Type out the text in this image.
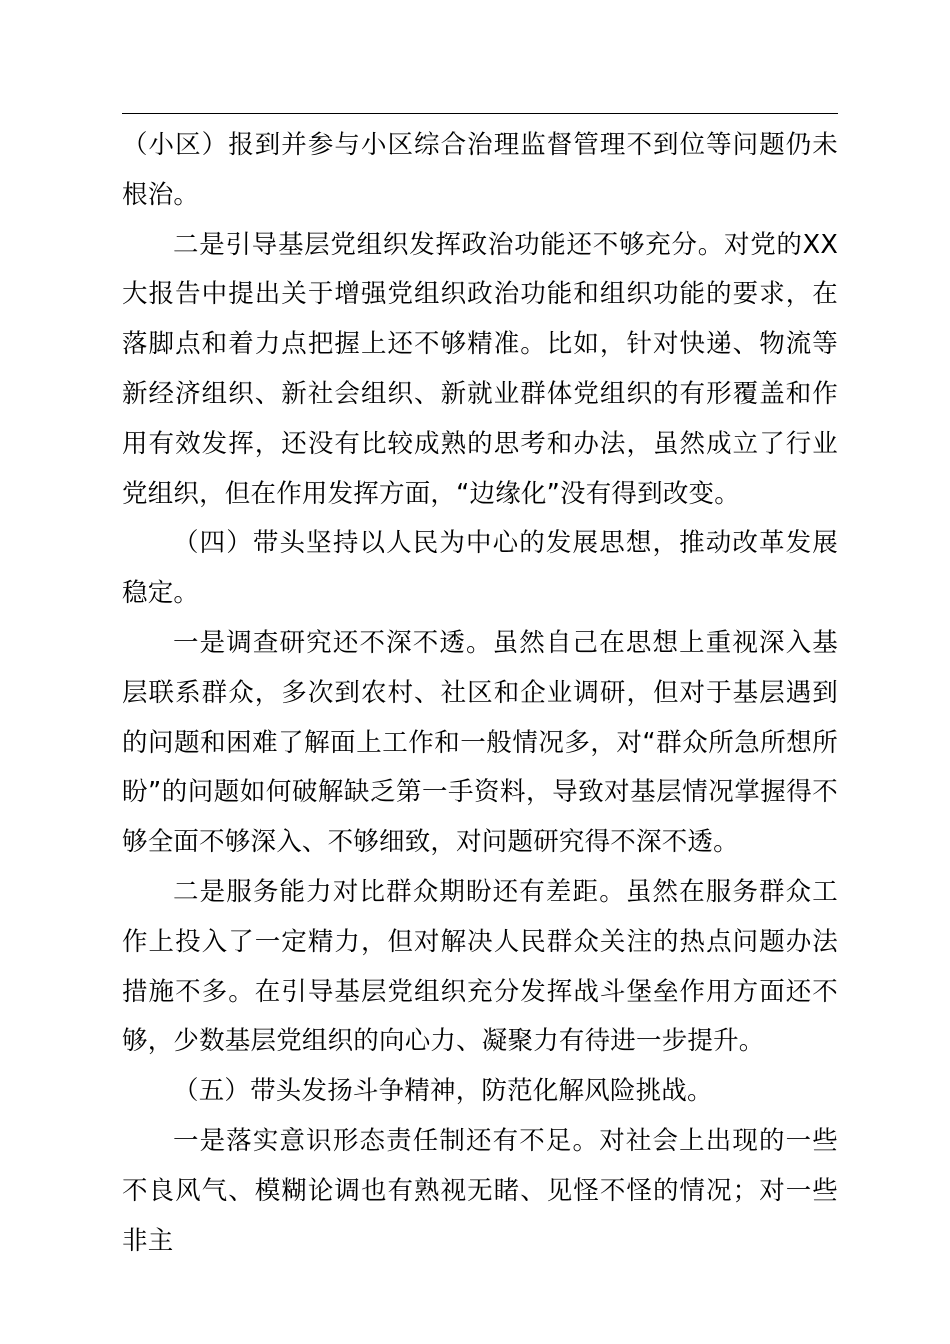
（小区）报到并参与小区综合治理监督管理不到位等问题仍未根治。

二是引导基层党组织发挥政治功能还不够充分。对党的XX大报告中提出关于增强党组织政治功能和组织功能的要求，在落脚点和着力点把握上还不够精准。比如，针对快递、物流等新经济组织、新社会组织、新就业群体党组织的有形覆盖和作用有效发挥，还没有比较成熟的思考和办法，虽然成立了行业党组织，但在作用发挥方面，“边缘化”没有得到改变。

（四）带头坚持以人民为中心的发展思想，推动改革发展稳定。

一是调查研究还不深不透。虽然自己在思想上重视深入基层联系群众，多次到农村、社区和企业调研，但对于基层遇到的问题和困难了解面上工作和一般情况多，对“群众所急所想所盼”的问题如何破解缺乏第一手资料，导致对基层情况掌握得不够全面不够深入、不够细致，对问题研究得不深不透。

二是服务能力对比群众期盼还有差距。虽然在服务群众工作上投入了一定精力，但对解决人民群众关注的热点问题办法措施不多。在引导基层党组织充分发挥战斗堡垒作用方面还不够，少数基层党组织的向心力、凝聚力有待进一步提升。

（五）带头发扬斗争精神，防范化解风险挑战。

一是落实意识形态责任制还有不足。对社会上出现的一些不良风气、模糊论调也有熟视无睹、见怪不怪的情况；对一些非主
